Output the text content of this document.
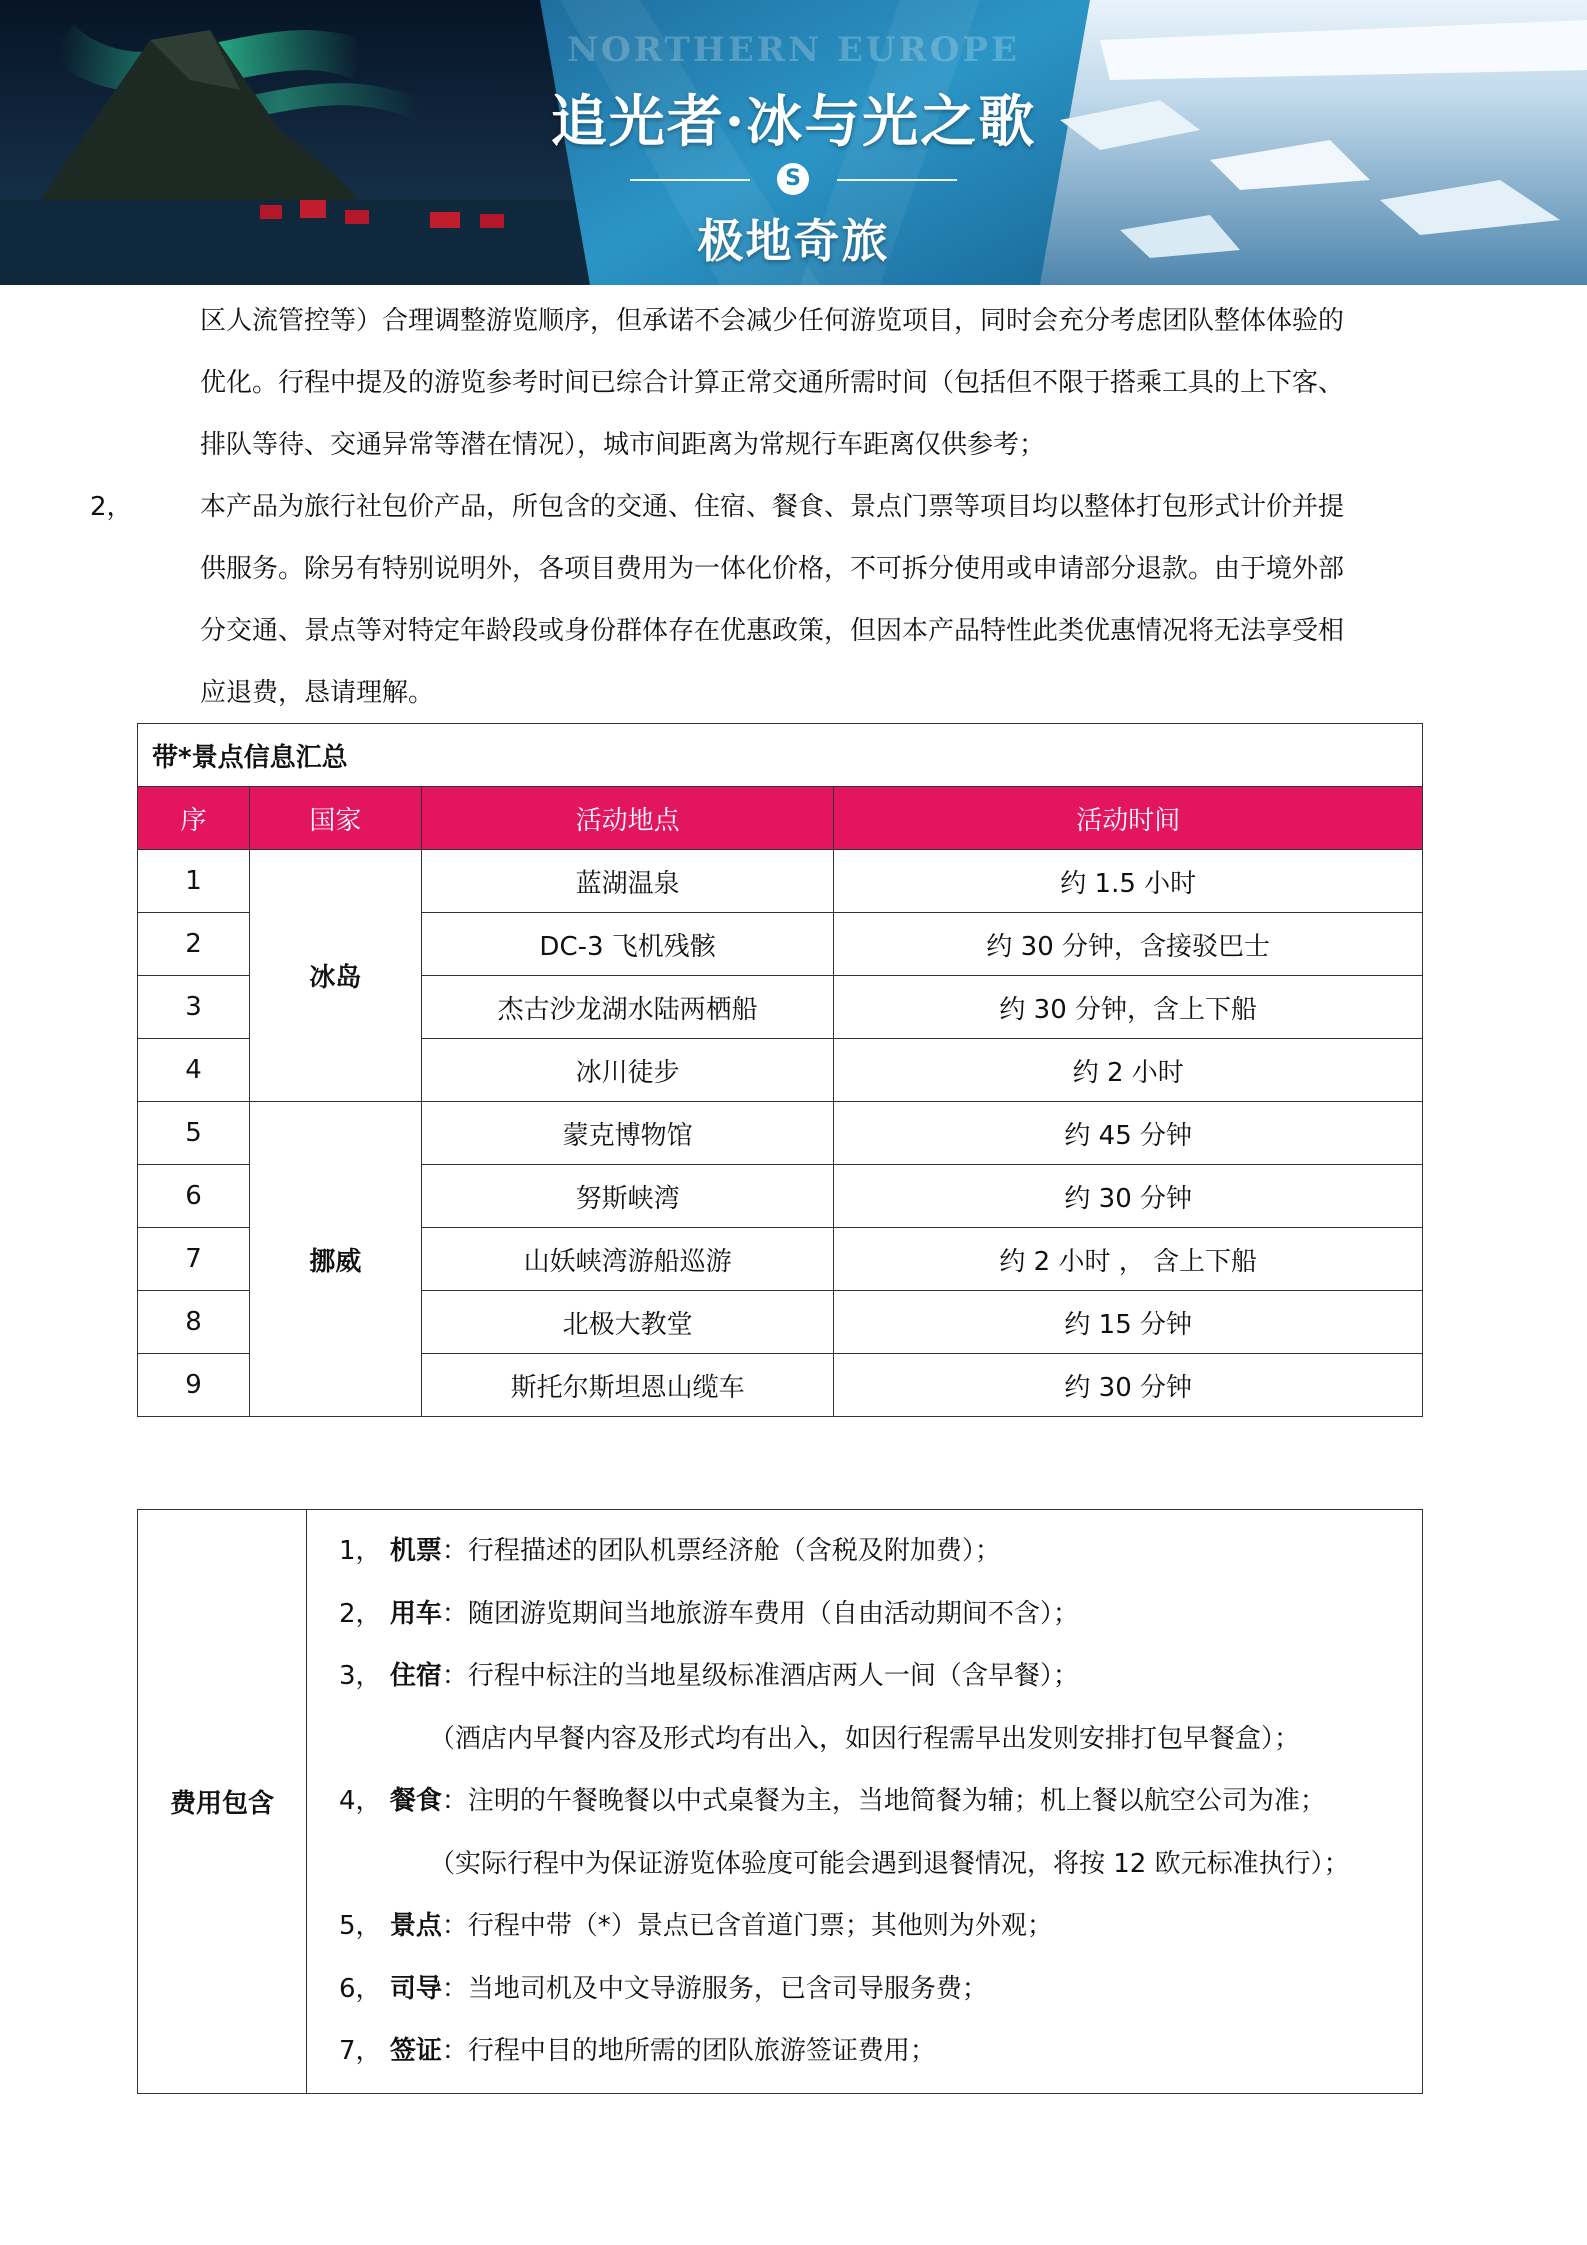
NORTHERN EUROPE
追光者·冰与光之歌
S
极地奇旅
区人流管控等）合理调整游览顺序，但承诺不会减少任何游览项目，同时会充分考虑团队整体体验的
优化。行程中提及的游览参考时间已综合计算正常交通所需时间（包括但不限于搭乘工具的上下客、
排队等待、交通异常等潜在情况），城市间距离为常规行车距离仅供参考；
2，	本产品为旅行社包价产品，所包含的交通、住宿、餐食、景点门票等项目均以整体打包形式计价并提
供服务。除另有特别说明外，各项目费用为一体化价格，不可拆分使用或申请部分退款。由于境外部
分交通、景点等对特定年龄段或身份群体存在优惠政策，但因本产品特性此类优惠情况将无法享受相
应退费，恳请理解。
带*景点信息汇总			
序	国家	活动地点	活动时间
1	冰岛	蓝湖温泉	约 1.5 小时
2		DC-3 飞机残骸	约 30 分钟，含接驳巴士
3		杰古沙龙湖水陆两栖船	约 30 分钟，含上下船
4		冰川徒步	约 2 小时
5	挪威	蒙克博物馆	约 45 分钟
6		努斯峡湾	约 30 分钟
7		山妖峡湾游船巡游	约 2 小时 ， 含上下船
8		北极大教堂	约 15 分钟
9		斯托尔斯坦恩山缆车	约 30 分钟
费用包含	
1， 机票：行程描述的团队机票经济舱（含税及附加费）；
2， 用车：随团游览期间当地旅游车费用（自由活动期间不含）；
3， 住宿：行程中标注的当地星级标准酒店两人一间（含早餐）；
（酒店内早餐内容及形式均有出入，如因行程需早出发则安排打包早餐盒）；
4， 餐食：注明的午餐晚餐以中式桌餐为主，当地简餐为辅；机上餐以航空公司为准；
（实际行程中为保证游览体验度可能会遇到退餐情况，将按 12 欧元标准执行）；
5， 景点：行程中带（*）景点已含首道门票；其他则为外观；
6， 司导：当地司机及中文导游服务，已含司导服务费；
7， 签证：行程中目的地所需的团队旅游签证费用；
